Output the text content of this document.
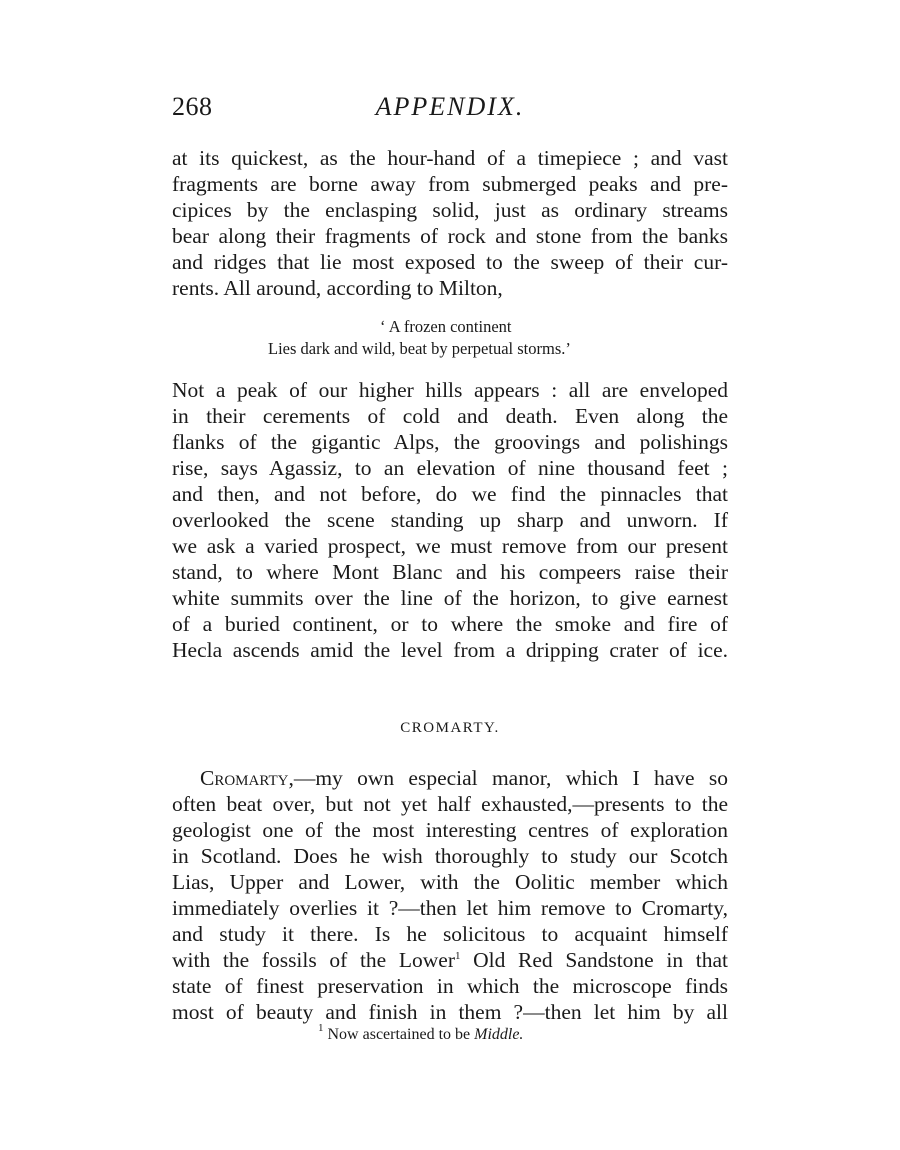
268	APPENDIX.
at its quickest, as the hour-hand of a timepiece ; and vast
fragments are borne away from submerged peaks and pre-
cipices by the enclasping solid, just as ordinary streams
bear along their fragments of rock and stone from the banks
and ridges that lie most exposed to the sweep of their cur-
rents. All around, according to Milton,
‘ A frozen continent
Lies dark and wild, beat by perpetual storms.’
Not a peak of our higher hills appears : all are enveloped
in their cerements of cold and death. Even along the
flanks of the gigantic Alps, the groovings and polishings
rise, says Agassiz, to an elevation of nine thousand feet ;
and then, and not before, do we find the pinnacles that
overlooked the scene standing up sharp and unworn. If
we ask a varied prospect, we must remove from our present
stand, to where Mont Blanc and his compeers raise their
white summits over the line of the horizon, to give earnest
of a buried continent, or to where the smoke and fire of
Hecla ascends amid the level from a dripping crater of ice.
CROMARTY.
Cromarty,—my own especial manor, which I have so
often beat over, but not yet half exhausted,—presents to the
geologist one of the most interesting centres of exploration
in Scotland. Does he wish thoroughly to study our Scotch
Lias, Upper and Lower, with the Oolitic member which
immediately overlies it ?—then let him remove to Cromarty,
and study it there. Is he solicitous to acquaint himself
with the fossils of the Lower$^1$ Old Red Sandstone in that
state of finest preservation in which the microscope finds
most of beauty and finish in them ?—then let him by all
$^1$ Now ascertained to be Middle.
